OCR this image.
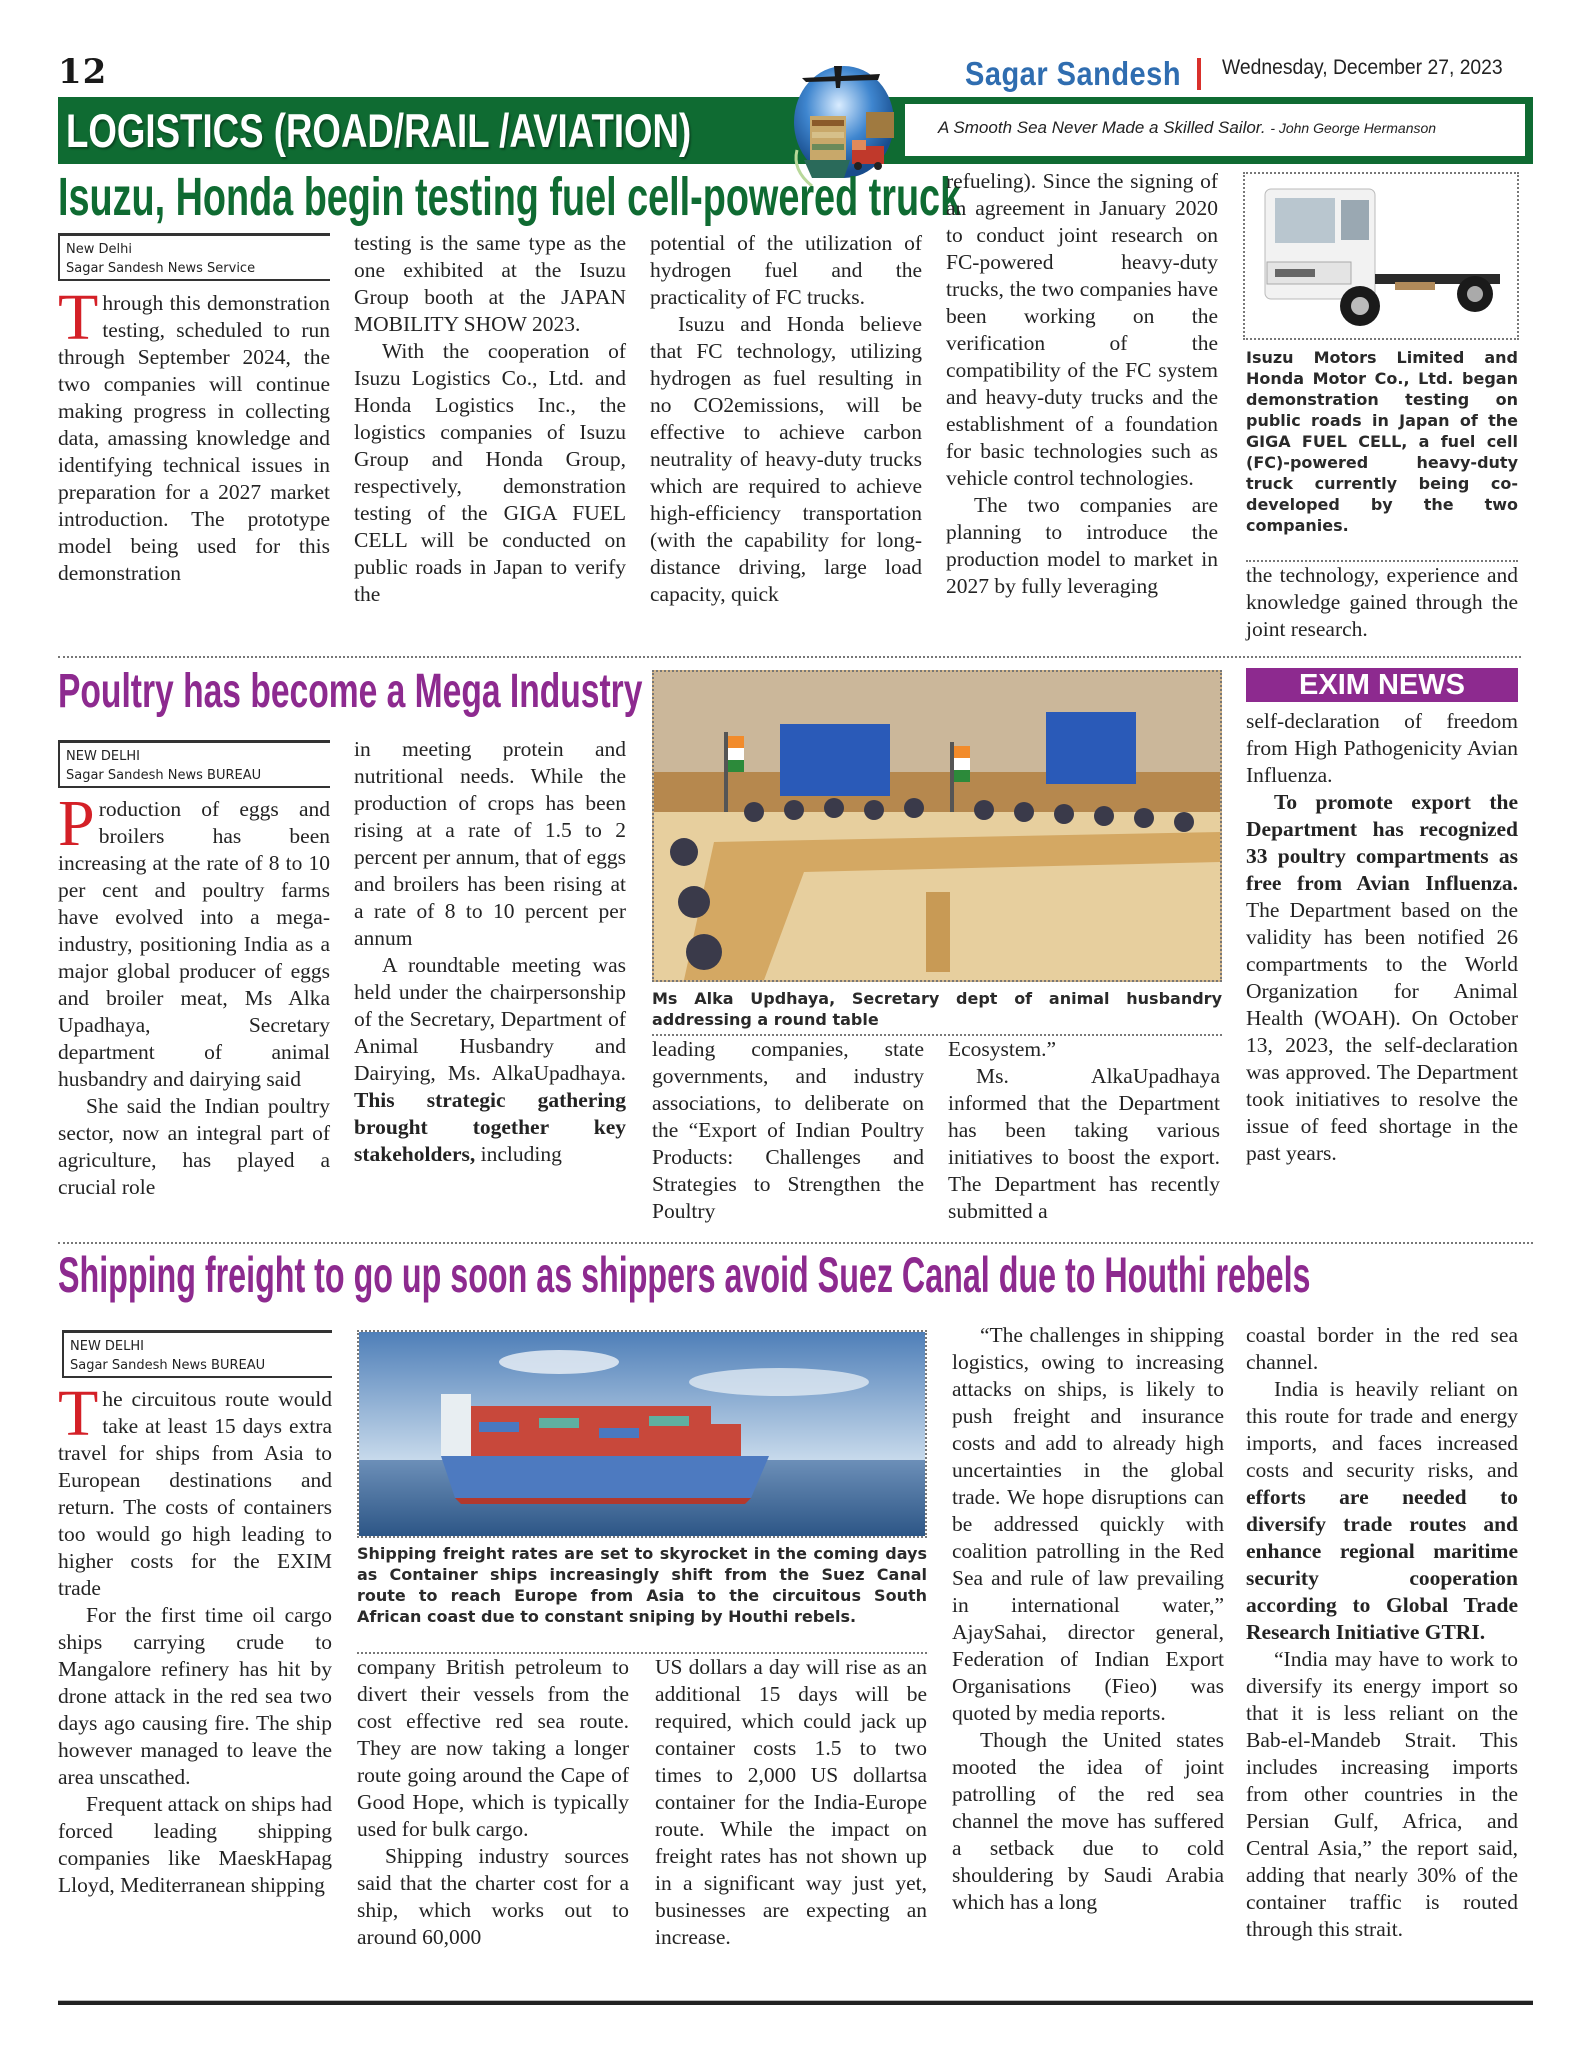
12	Sagar Sandesh Wednesday, December 27, 2023
LOGISTICS (ROAD/RAIL /AVIATION)	A Smooth Sea Never Made a Skilled Sailor. - John George Hermanson
Isuzu, Honda begin testing fuel cell-powered truck
New Delhi
Sagar Sandesh News Service

Through this demonstration testing, scheduled to run through September 2024, the two companies will continue making progress in collecting data, amassing knowledge and identifying technical issues in preparation for a 2027 market introduction. The prototype model being used for this demonstration

testing is the same type as the one exhibited at the Isuzu Group booth at the JAPAN MOBILITY SHOW 2023.

With the cooperation of Isuzu Logistics Co., Ltd. and Honda Logistics Inc., the logistics companies of Isuzu Group and Honda Group, respectively, demonstration testing of the GIGA FUEL CELL will be conducted on public roads in Japan to verify the

potential of the utilization of hydrogen fuel and the practicality of FC trucks.

Isuzu and Honda believe that FC technology, utilizing hydrogen as fuel resulting in no CO2emissions, will be effective to achieve carbon neutrality of heavy-duty trucks which are required to achieve high-efficiency transportation (with the capability for long-distance driving, large load capacity, quick

refueling). Since the signing of an agreement in January 2020 to conduct joint research on FC-powered heavy-duty trucks, the two companies have been working on the verification of the compatibility of the FC system and heavy-duty trucks and the establishment of a foundation for basic technologies such as vehicle control technologies.

The two companies are planning to introduce the production model to market in 2027 by fully leveraging

Isuzu Motors Limited and Honda Motor Co., Ltd. began demonstration testing on public roads in Japan of the GIGA FUEL CELL, a fuel cell (FC)-powered heavy-duty truck currently being co-developed by the two companies.

the technology, experience and knowledge gained through the joint research.

Poultry has become a Mega Industry
NEW DELHI
Sagar Sandesh News BUREAU

Production of eggs and broilers has been increasing at the rate of 8 to 10 per cent and poultry farms have evolved into a mega-industry, positioning India as a major global producer of eggs and broiler meat, Ms Alka Upadhaya, Secretary department of animal husbandry and dairying said

She said the Indian poultry sector, now an integral part of agriculture, has played a crucial role

in meeting protein and nutritional needs. While the production of crops has been rising at a rate of 1.5 to 2 percent per annum, that of eggs and broilers has been rising at a rate of 8 to 10 percent per annum

A roundtable meeting was held under the chairpersonship of the Secretary, Department of Animal Husbandry and Dairying, Ms. AlkaUpadhaya. This strategic gathering brought together key stakeholders, including

Ms Alka Updhaya, Secretary dept of animal husbandry addressing a round table

leading companies, state governments, and industry associations, to deliberate on the “Export of Indian Poultry Products: Challenges and Strategies to Strengthen the Poultry

Ecosystem.”

Ms. AlkaUpadhaya informed that the Department has been taking various initiatives to boost the export. The Department has recently submitted a

EXIM NEWS

self-declaration of freedom from High Pathogenicity Avian Influenza.

To promote export the Department has recognized 33 poultry compartments as free from Avian Influenza. The Department based on the validity has been notified 26 compartments to the World Organization for Animal Health (WOAH). On October 13, 2023, the self-declaration was approved. The Department took initiatives to resolve the issue of feed shortage in the past years.

Shipping freight to go up soon as shippers avoid Suez Canal due to Houthi rebels
NEW DELHI
Sagar Sandesh News BUREAU

The circuitous route would take at least 15 days extra travel for ships from Asia to European destinations and return. The costs of containers too would go high leading to higher costs for the EXIM trade

For the first time oil cargo ships carrying crude to Mangalore refinery has hit by drone attack in the red sea two days ago causing fire. The ship however managed to leave the area unscathed.

Frequent attack on ships had forced leading shipping companies like MaeskHapag Lloyd, Mediterranean shipping

Shipping freight rates are set to skyrocket in the coming days as Container ships increasingly shift from the Suez Canal route to reach Europe from Asia to the circuitous South African coast due to constant sniping by Houthi rebels.

company British petroleum to divert their vessels from the cost effective red sea route. They are now taking a longer route going around the Cape of Good Hope, which is typically used for bulk cargo.

Shipping industry sources said that the charter cost for a ship, which works out to around 60,000

US dollars a day will rise as an additional 15 days will be required, which could jack up container costs 1.5 to two times to 2,000 US dollartsa container for the India-Europe route. While the impact on freight rates has not shown up in a significant way just yet, businesses are expecting an increase.

“The challenges in shipping logistics, owing to increasing attacks on ships, is likely to push freight and insurance costs and add to already high uncertainties in the global trade. We hope disruptions can be addressed quickly with coalition patrolling in the Red Sea and rule of law prevailing in international water,” AjaySahai, director general, Federation of Indian Export Organisations (Fieo) was quoted by media reports.

Though the United states mooted the idea of joint patrolling of the red sea channel the move has suffered a setback due to cold shouldering by Saudi Arabia which has a long

coastal border in the red sea channel.

India is heavily reliant on this route for trade and energy imports, and faces increased costs and security risks, and efforts are needed to diversify trade routes and enhance regional maritime security cooperation according to Global Trade Research Initiative GTRI.

“India may have to work to diversify its energy import so that it is less reliant on the Bab-el-Mandeb Strait. This includes increasing imports from other countries in the Persian Gulf, Africa, and Central Asia,” the report said, adding that nearly 30% of the container traffic is routed through this strait.
